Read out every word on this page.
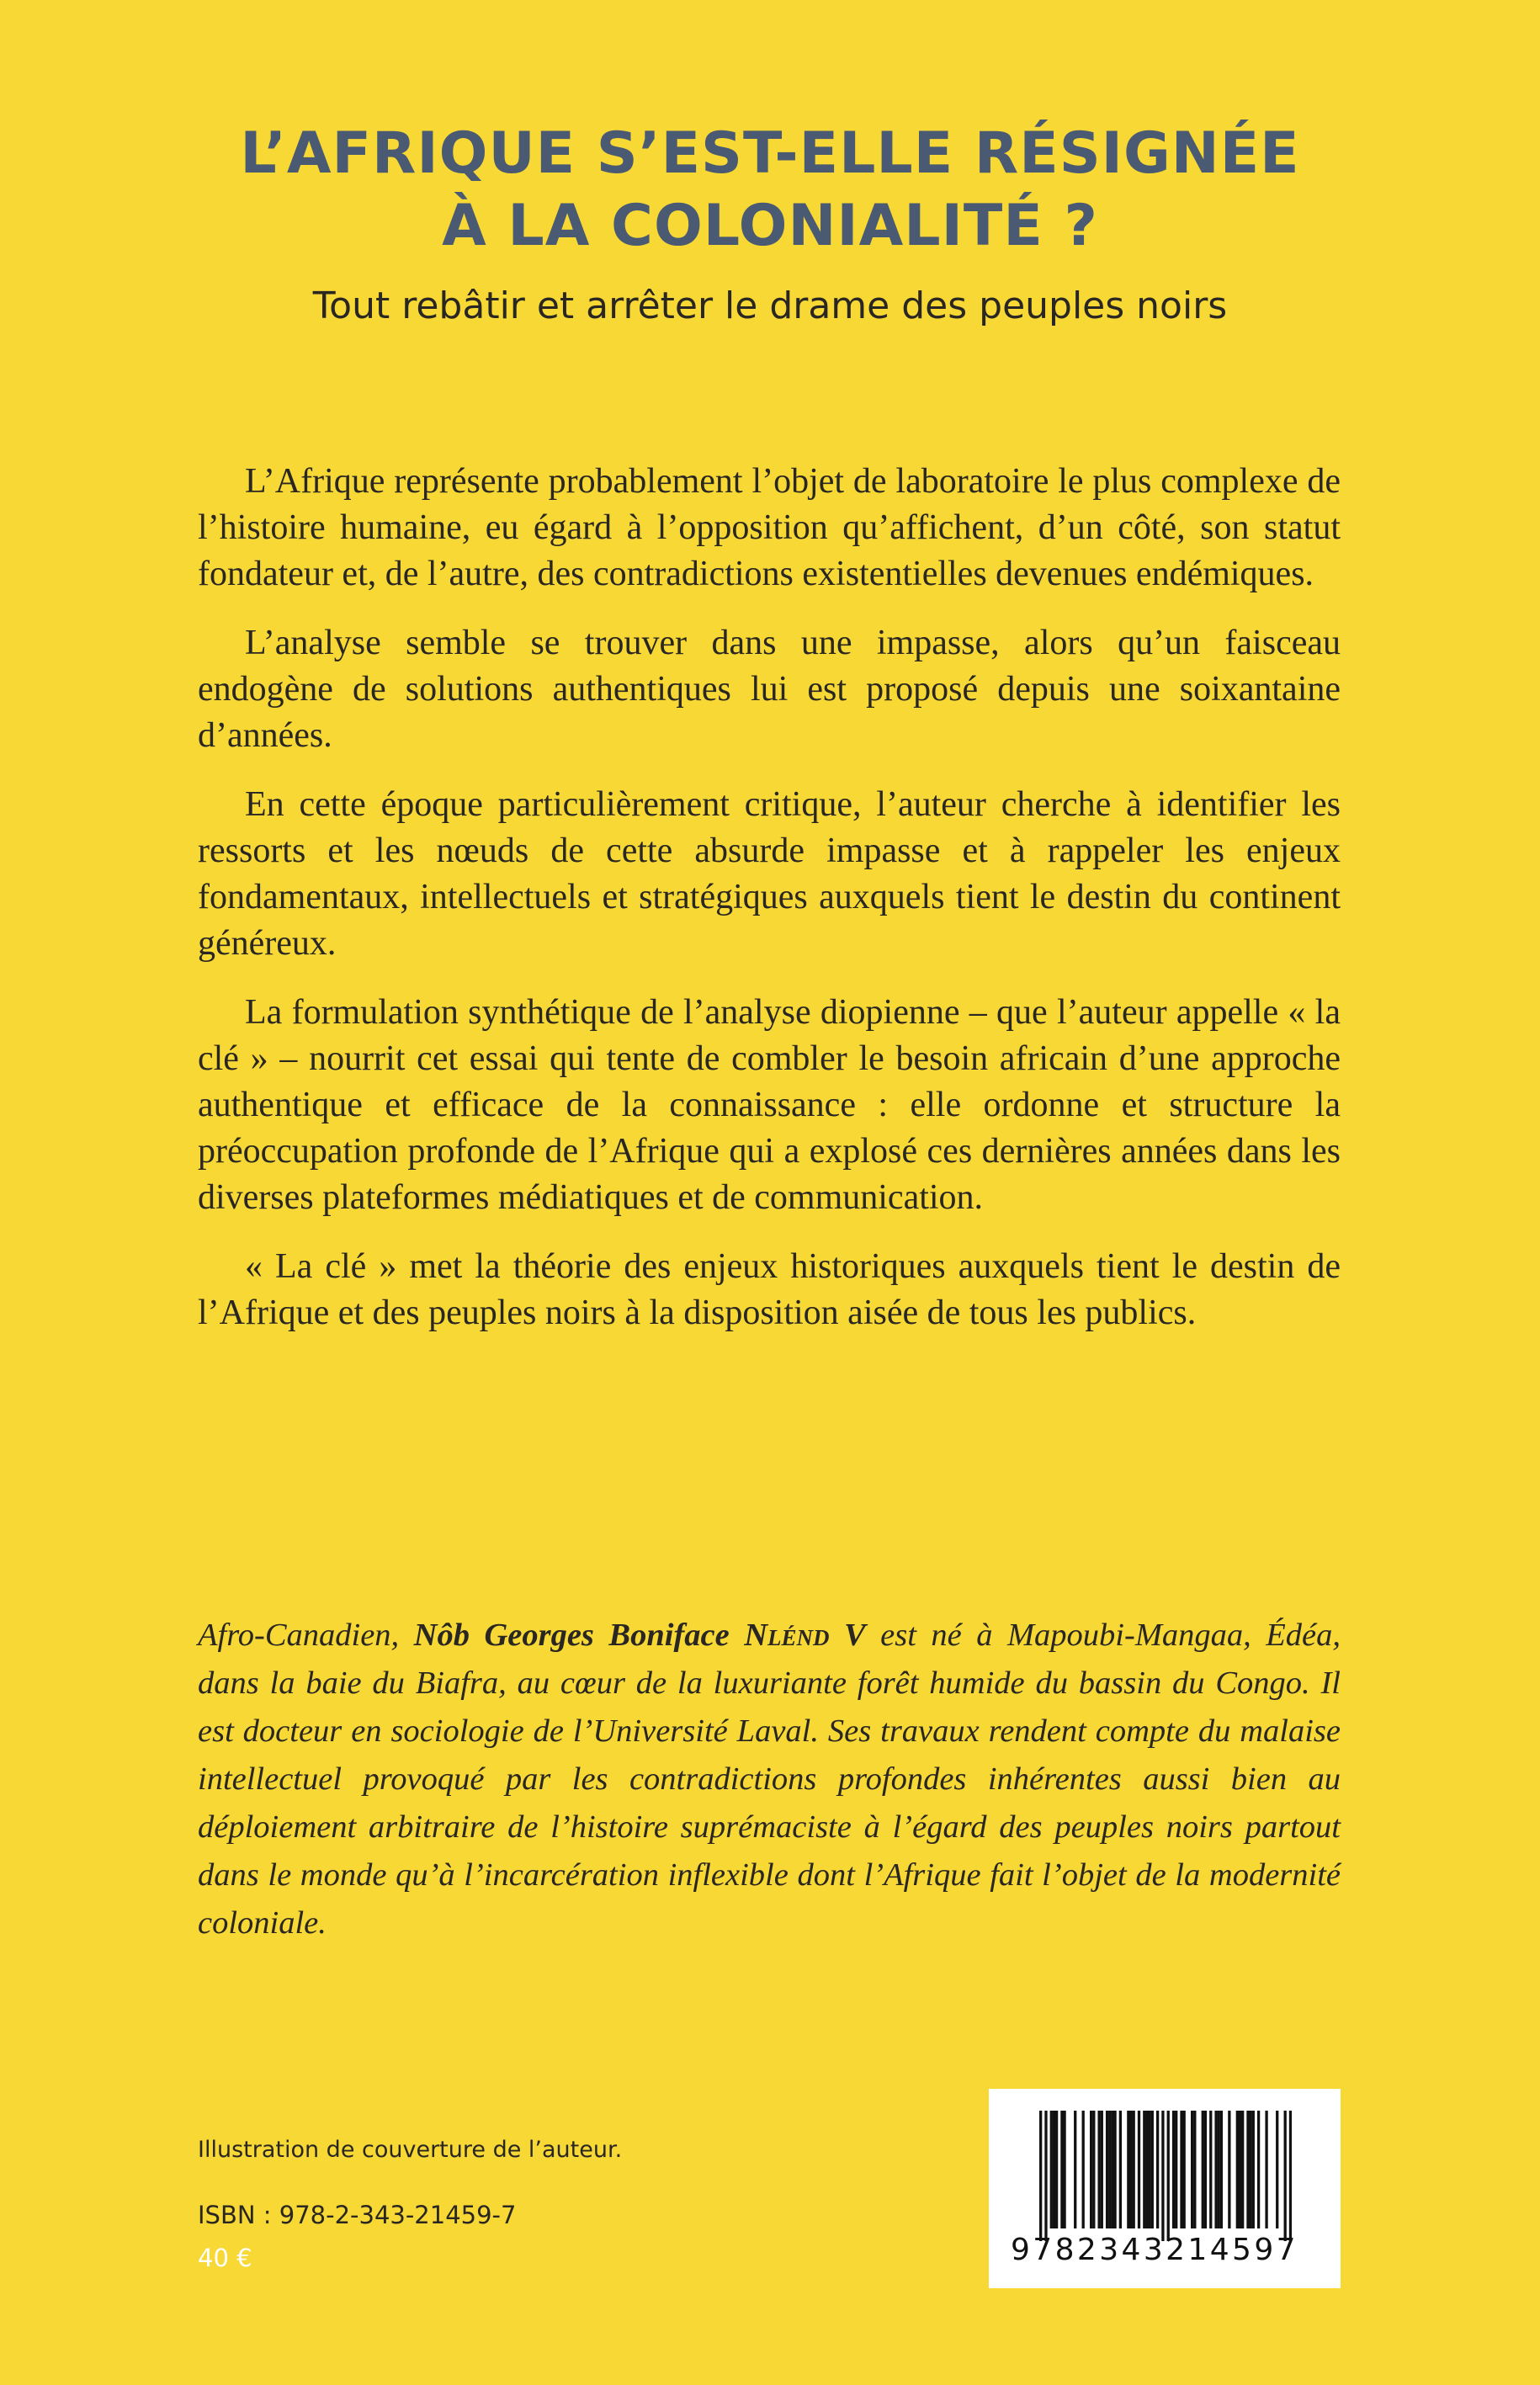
L’AFRIQUE S’EST-ELLE RÉSIGNÉE
À LA COLONIALITÉ ?

Tout rebâtir et arrêter le drame des peuples noirs

L’Afrique représente probablement l’objet de laboratoire le plus complexe de l’histoire humaine, eu égard à l’opposition qu’affichent, d’un côté, son statut fondateur et, de l’autre, des contradictions existentielles devenues endémiques.

L’analyse semble se trouver dans une impasse, alors qu’un faisceau endogène de solutions authentiques lui est proposé depuis une soixantaine d’années.

En cette époque particulièrement critique, l’auteur cherche à identifier les ressorts et les nœuds de cette absurde impasse et à rappeler les enjeux fondamentaux, intellectuels et stratégiques auxquels tient le destin du continent généreux.

La formulation synthétique de l’analyse diopienne – que l’auteur appelle « la clé » – nourrit cet essai qui tente de combler le besoin africain d’une approche authentique et efficace de la connaissance : elle ordonne et structure la préoccupation profonde de l’Afrique qui a explosé ces dernières années dans les diverses plateformes médiatiques et de communication.

« La clé » met la théorie des enjeux historiques auxquels tient le destin de l’Afrique et des peuples noirs à la disposition aisée de tous les publics.

Afro-Canadien, Nôb Georges Boniface Nlénd V est né à Mapoubi-Mangaa, Édéa, dans la baie du Biafra, au cœur de la luxuriante forêt humide du bassin du Congo. Il est docteur en sociologie de l’Université Laval. Ses travaux rendent compte du malaise intellectuel provoqué par les contradictions profondes inhérentes aussi bien au déploiement arbitraire de l’histoire suprémaciste à l’égard des peuples noirs partout dans le monde qu’à l’incarcération inflexible dont l’Afrique fait l’objet de la modernité coloniale.

Illustration de couverture de l’auteur.

ISBN : 978-2-343-21459-7

40 €	9782343214597
